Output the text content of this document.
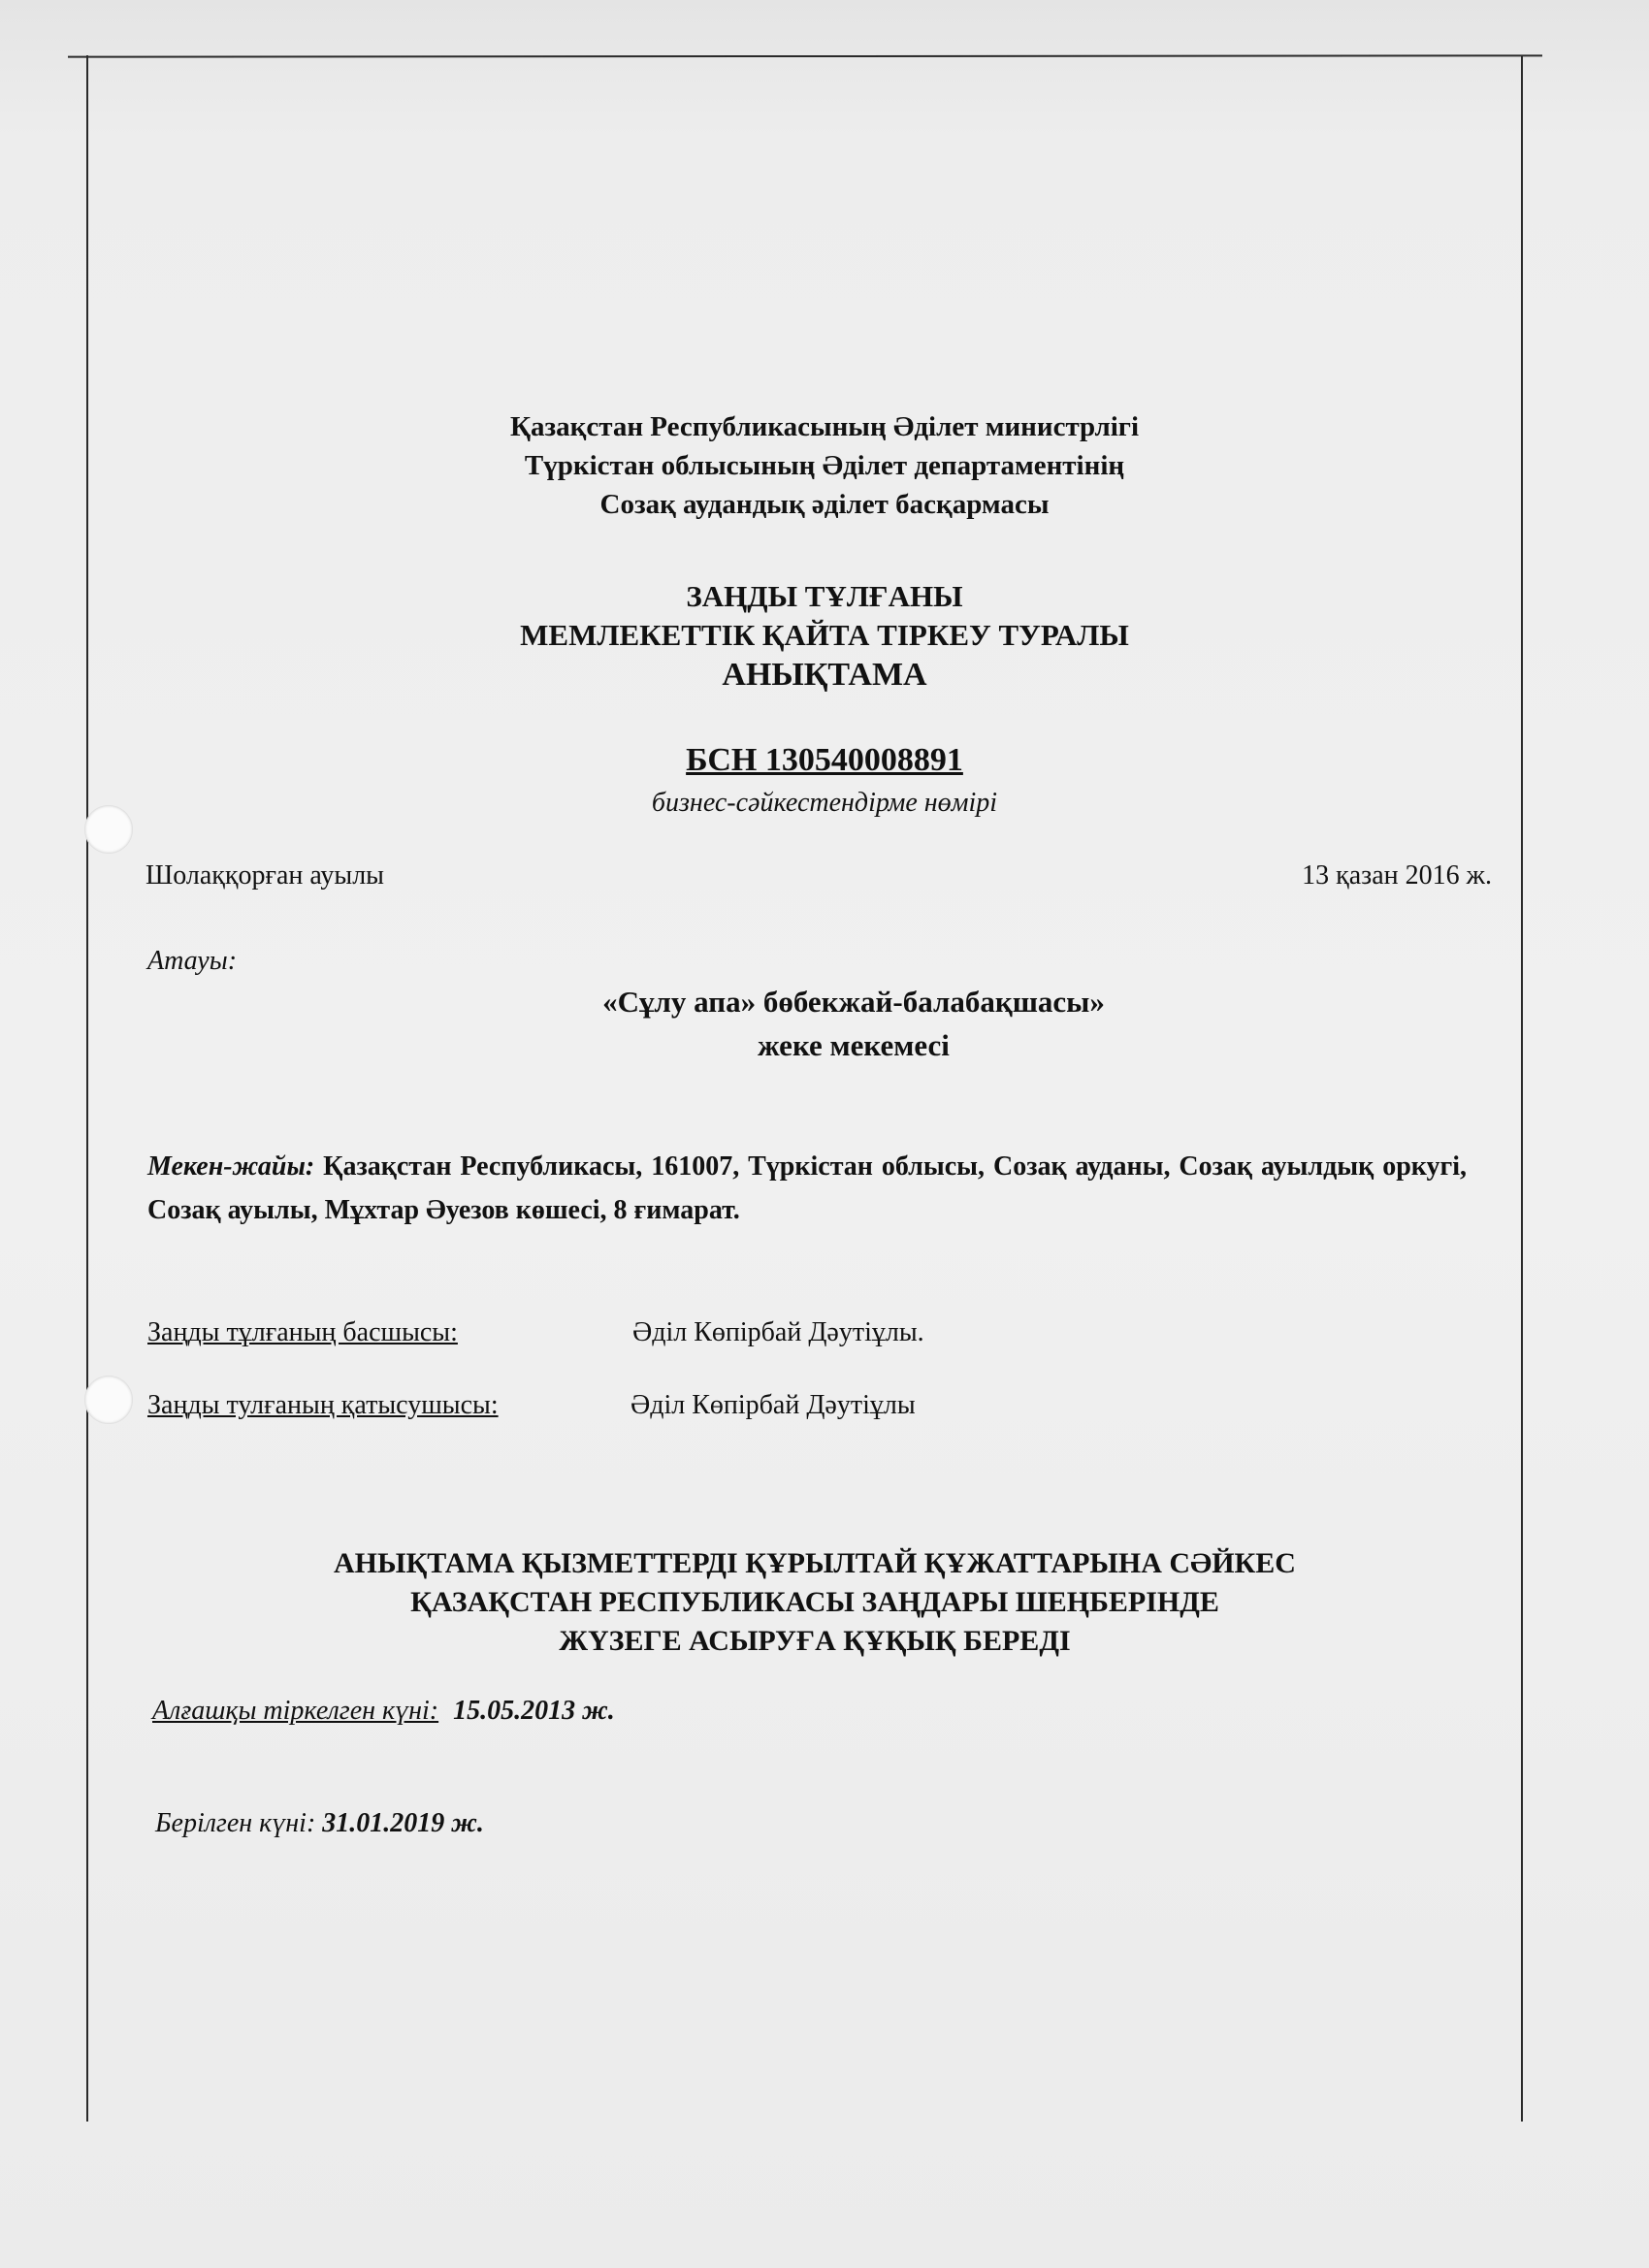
Қазақстан Республикасының Әділет министрлігі
Түркістан облысының Әділет департаментінің
Созақ аудандық әділет басқармасы
ЗАҢДЫ ТҰЛҒАНЫ
МЕМЛЕКЕТТІК ҚАЙТА ТІРКЕУ ТУРАЛЫ
АНЫҚТАМА
БСН 130540008891
бизнес-сәйкестендірме нөмірі
Шолаққорған ауылы	13 қазан 2016 ж.
Атауы:
«Сұлу апа» бөбекжай-балабақшасы»
жеке мекемесі
Мекен-жайы: Қазақстан Республикасы, 161007, Түркістан облысы, Созақ ауданы, Созақ ауылдық оркугі, Созақ ауылы, Мұхтар Әуезов көшесі, 8 ғимарат.
Заңды тұлғаның басшысы:	Әділ Көпірбай Дәутіұлы.
Заңды тулғаның қатысушысы:	Әділ Көпірбай Дәутіұлы
АНЫҚТАМА ҚЫЗМЕТТЕРДІ ҚҰРЫЛТАЙ ҚҰЖАТТАРЫНА СӘЙКЕС
ҚАЗАҚСТАН РЕСПУБЛИКАСЫ ЗАҢДАРЫ ШЕҢБЕРІНДЕ
ЖҮЗЕГЕ АСЫРУҒА ҚҰҚЫҚ БЕРЕДІ
Алғашқы тіркелген күні: 15.05.2013 ж.
Берілген күні: 31.01.2019 ж.
